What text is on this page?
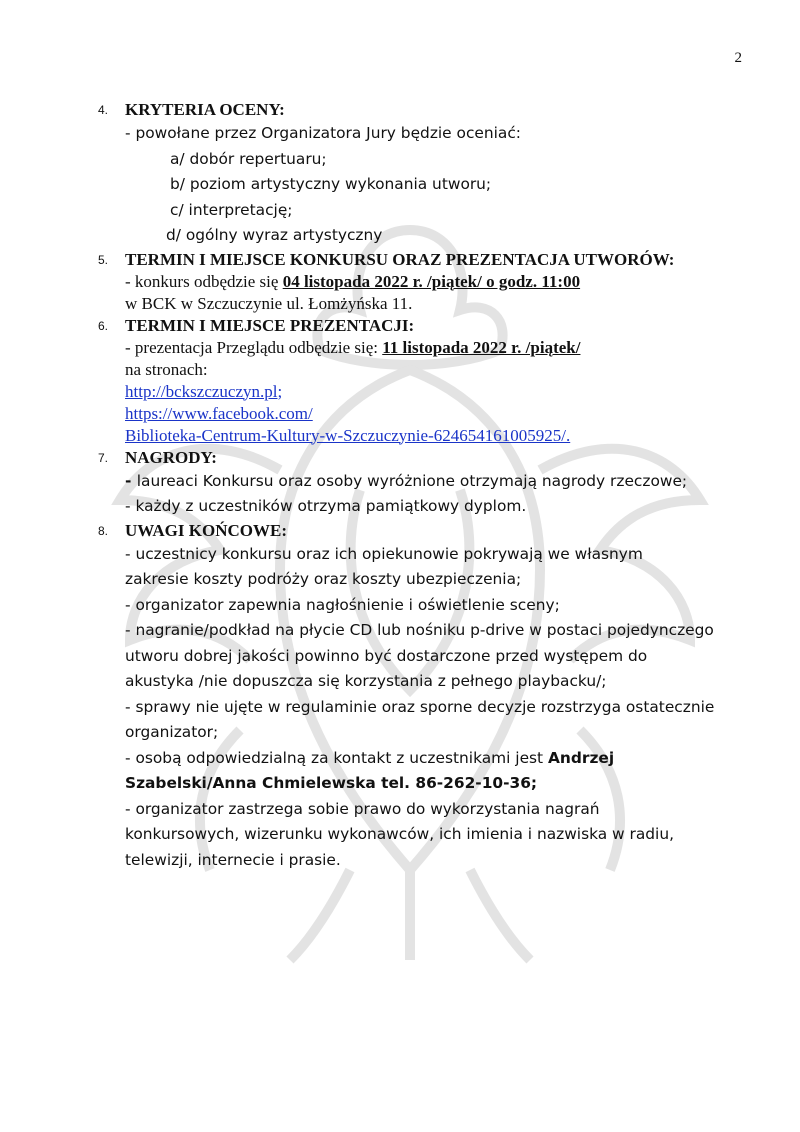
2
4. KRYTERIA OCENY:
- powołane przez Organizatora Jury będzie oceniać:
a/ dobór repertuaru;
b/ poziom artystyczny wykonania utworu;
c/ interpretację;
d/ ogólny wyraz artystyczny
5. TERMIN I MIEJSCE KONKURSU ORAZ PREZENTACJA UTWORÓW:
- konkurs odbędzie się 04 listopada 2022 r. /piątek/ o godz. 11:00
w BCK w Szczuczynie ul. Łomżyńska 11.
6. TERMIN I MIEJSCE PREZENTACJI:
- prezentacja Przeglądu odbędzie się: 11 listopada 2022 r. /piątek/
na stronach:
http://bckszczuczyn.pl;
https://www.facebook.com/
Biblioteka-Centrum-Kultury-w-Szczuczynie-624654161005925/.
7. NAGRODY:
- laureaci Konkursu oraz osoby wyróżnione otrzymają nagrody rzeczowe;
- każdy z uczestników otrzyma pamiątkowy dyplom.
8. UWAGI KOŃCOWE:
- uczestnicy konkursu oraz ich opiekunowie pokrywają we własnym
zakresie koszty podróży oraz koszty ubezpieczenia;
- organizator zapewnia nagłośnienie i oświetlenie sceny;
- nagranie/podkład na płycie CD lub nośniku p-drive w postaci pojedynczego
utworu dobrej jakości powinno być dostarczone przed występem do
akustyka /nie dopuszcza się korzystania z pełnego playbacku/;
- sprawy nie ujęte w regulaminie oraz sporne decyzje rozstrzyga ostatecznie
organizator;
- osobą odpowiedzialną za kontakt z uczestnikami jest Andrzej
Szabelski/Anna Chmielewska tel. 86-262-10-36;
- organizator zastrzega sobie prawo do wykorzystania nagrań
konkursowych, wizerunku wykonawców, ich imienia i nazwiska w radiu,
telewizji, internecie i prasie.
